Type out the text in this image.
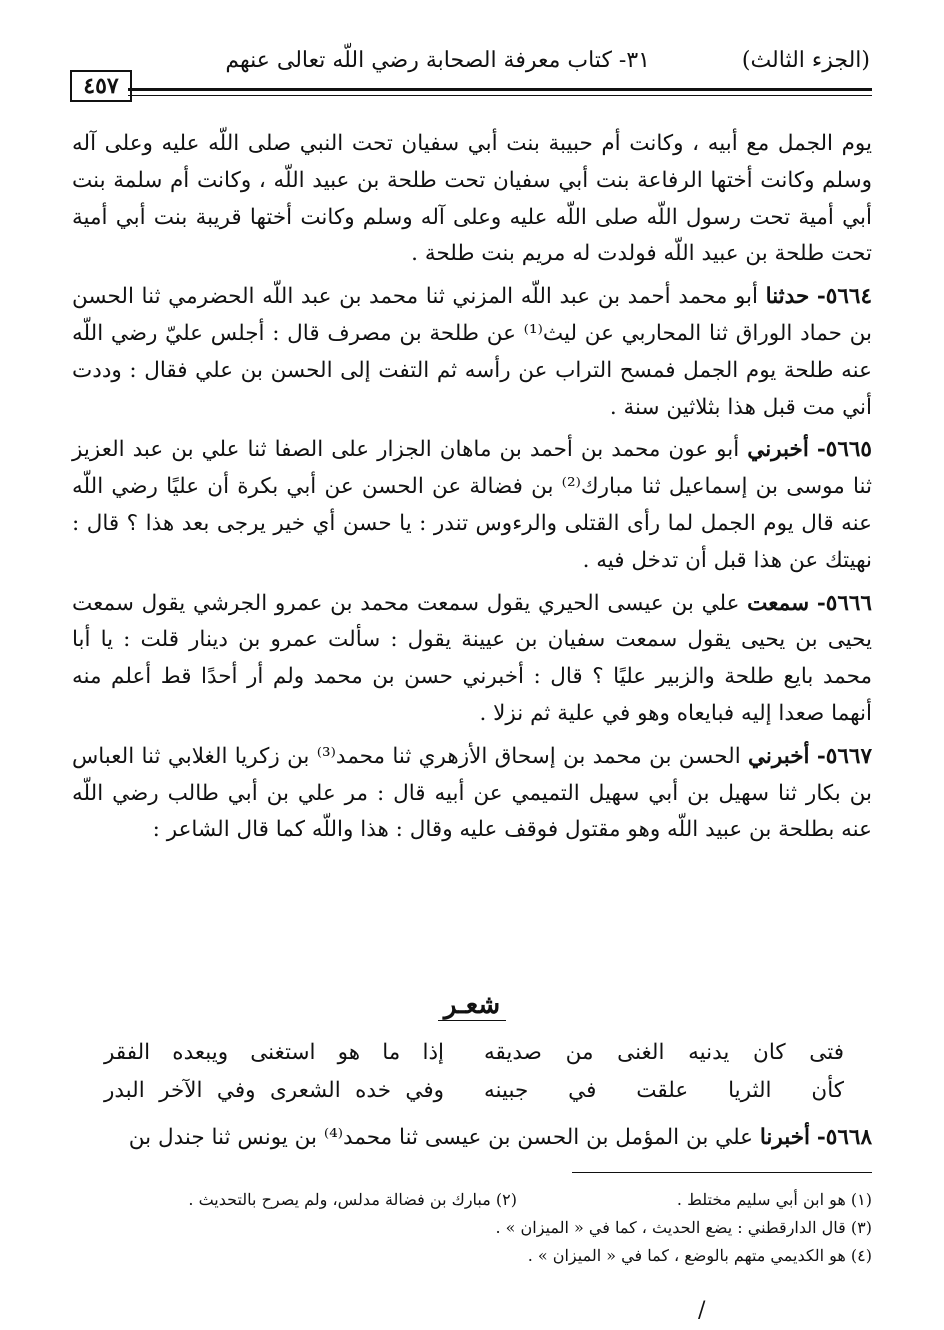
(الجزء الثالث)
٣١- كتاب معرفة الصحابة رضي اللّه تعالى عنهم
٤٥٧

يوم الجمل مع أبيه ، وكانت أم حبيبة بنت أبي سفيان تحت النبي صلى اللّه عليه وعلى آله وسلم وكانت أختها الرفاعة بنت أبي سفيان تحت طلحة بن عبيد اللّه ، وكانت أم سلمة بنت أبي أمية تحت رسول اللّه صلى اللّه عليه وعلى آله وسلم وكانت أختها قريبة بنت أبي أمية تحت طلحة بن عبيد اللّه فولدت له مريم بنت طلحة .

٥٦٦٤- حدثنا أبو محمد أحمد بن عبد اللّه المزني ثنا محمد بن عبد اللّه الحضرمي ثنا الحسن بن حماد الوراق ثنا المحاربي عن ليث⁽¹⁾ عن طلحة بن مصرف قال : أجلس عليّ رضي اللّه عنه طلحة يوم الجمل فمسح التراب عن رأسه ثم التفت إلى الحسن بن علي فقال : وددت أني مت قبل هذا بثلاثين سنة .

٥٦٦٥- أخبرني أبو عون محمد بن أحمد بن ماهان الجزار على الصفا ثنا علي بن عبد العزيز ثنا موسى بن إسماعيل ثنا مبارك⁽²⁾ بن فضالة عن الحسن عن أبي بكرة أن عليًا رضي اللّه عنه قال يوم الجمل لما رأى القتلى والرءوس تندر : يا حسن أي خير يرجى بعد هذا ؟ قال : نهيتك عن هذا قبل أن تدخل فيه .

٥٦٦٦- سمعت علي بن عيسى الحيري يقول سمعت محمد بن عمرو الجرشي يقول سمعت يحيى بن يحيى يقول سمعت سفيان بن عيينة يقول : سألت عمرو بن دينار قلت : يا أبا محمد بايع طلحة والزبير عليًا ؟ قال : أخبرني حسن بن محمد ولم أر أحدًا قط أعلم منه أنهما صعدا إليه فبايعاه وهو في علية ثم نزلا .

٥٦٦٧- أخبرني الحسن بن محمد بن إسحاق الأزهري ثنا محمد⁽³⁾ بن زكريا الغلابي ثنا العباس بن بكار ثنا سهيل بن أبي سهيل التميمي عن أبيه قال : مر علي بن أبي طالب رضي اللّه عنه بطلحة بن عبيد اللّه وهو مقتول فوقف عليه وقال : هذا واللّه كما قال الشاعر :

شعـر
فتى كان يدنيه الغنى من صديقه
إذا ما هو استغنى ويبعده الفقر
كأن الثريا علقت في جبينه
وفي خده الشعرى وفي الآخر البدر
٥٦٦٨- أخبرنا علي بن المؤمل بن الحسن بن عيسى ثنا محمد⁽⁴⁾ بن يونس ثنا جندل بن
(١) هو ابن أبي سليم مختلط .
(٢) مبارك بن فضالة مدلس، ولم يصرح بالتحديث .
(٣) قال الدارقطني : يضع الحديث ، كما في « الميزان » .
(٤) هو الكديمي متهم بالوضع ، كما في « الميزان » .
/
